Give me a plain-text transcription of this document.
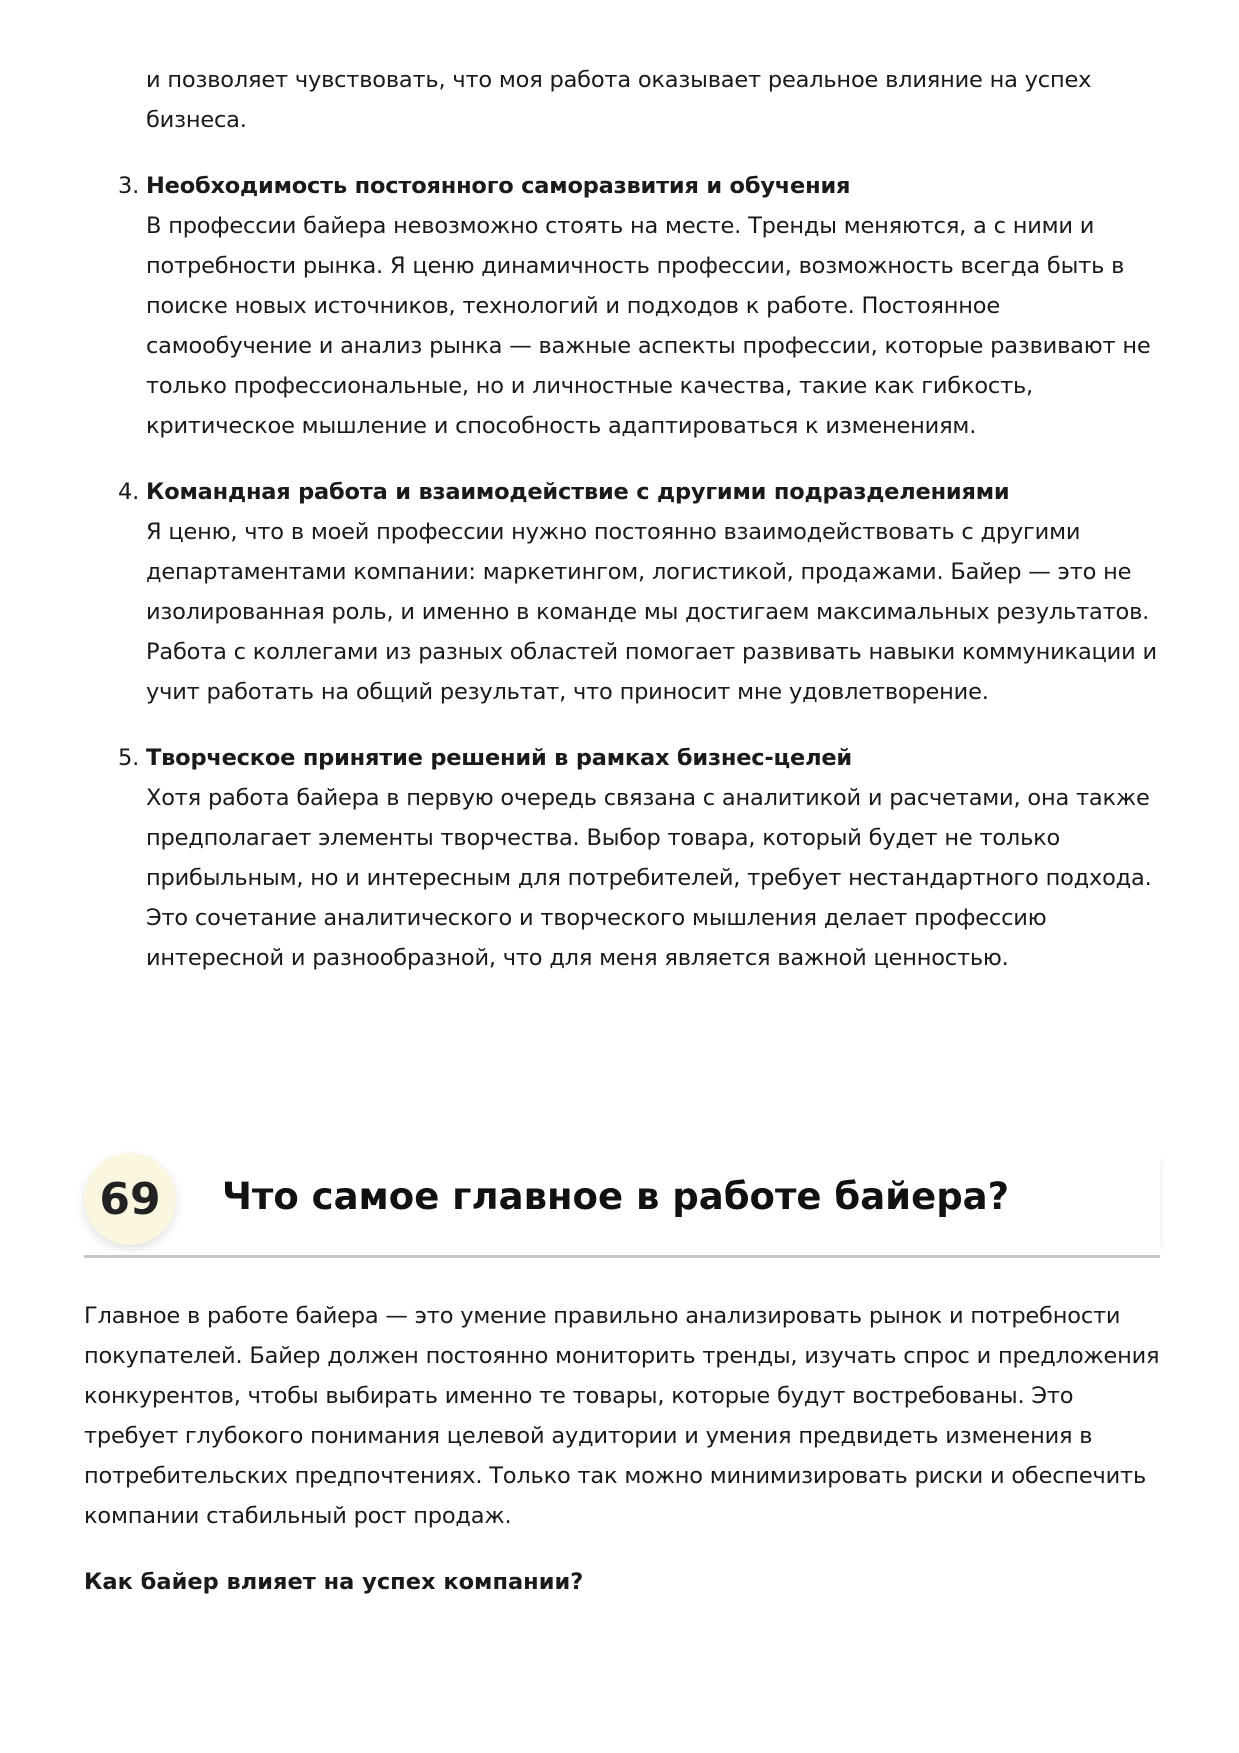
и позволяет чувствовать, что моя работа оказывает реальное влияние на успех бизнеса.

3. Необходимость постоянного саморазвития и обучения

В профессии байера невозможно стоять на месте. Тренды меняются, а с ними и потребности рынка. Я ценю динамичность профессии, возможность всегда быть в поиске новых источников, технологий и подходов к работе. Постоянное самообучение и анализ рынка — важные аспекты профессии, которые развивают не только профессиональные, но и личностные качества, такие как гибкость, критическое мышление и способность адаптироваться к изменениям.

4. Командная работа и взаимодействие с другими подразделениями

Я ценю, что в моей профессии нужно постоянно взаимодействовать с другими департаментами компании: маркетингом, логистикой, продажами. Байер — это не изолированная роль, и именно в команде мы достигаем максимальных результатов. Работа с коллегами из разных областей помогает развивать навыки коммуникации и учит работать на общий результат, что приносит мне удовлетворение.

5. Творческое принятие решений в рамках бизнес-целей

Хотя работа байера в первую очередь связана с аналитикой и расчетами, она также предполагает элементы творчества. Выбор товара, который будет не только прибыльным, но и интересным для потребителей, требует нестандартного подхода. Это сочетание аналитического и творческого мышления делает профессию интересной и разнообразной, что для меня является важной ценностью.

69	Что самое главное в работе байера?

Главное в работе байера — это умение правильно анализировать рынок и потребности покупателей. Байер должен постоянно мониторить тренды, изучать спрос и предложения конкурентов, чтобы выбирать именно те товары, которые будут востребованы. Это требует глубокого понимания целевой аудитории и умения предвидеть изменения в потребительских предпочтениях. Только так можно минимизировать риски и обеспечить компании стабильный рост продаж.

Как байер влияет на успех компании?
